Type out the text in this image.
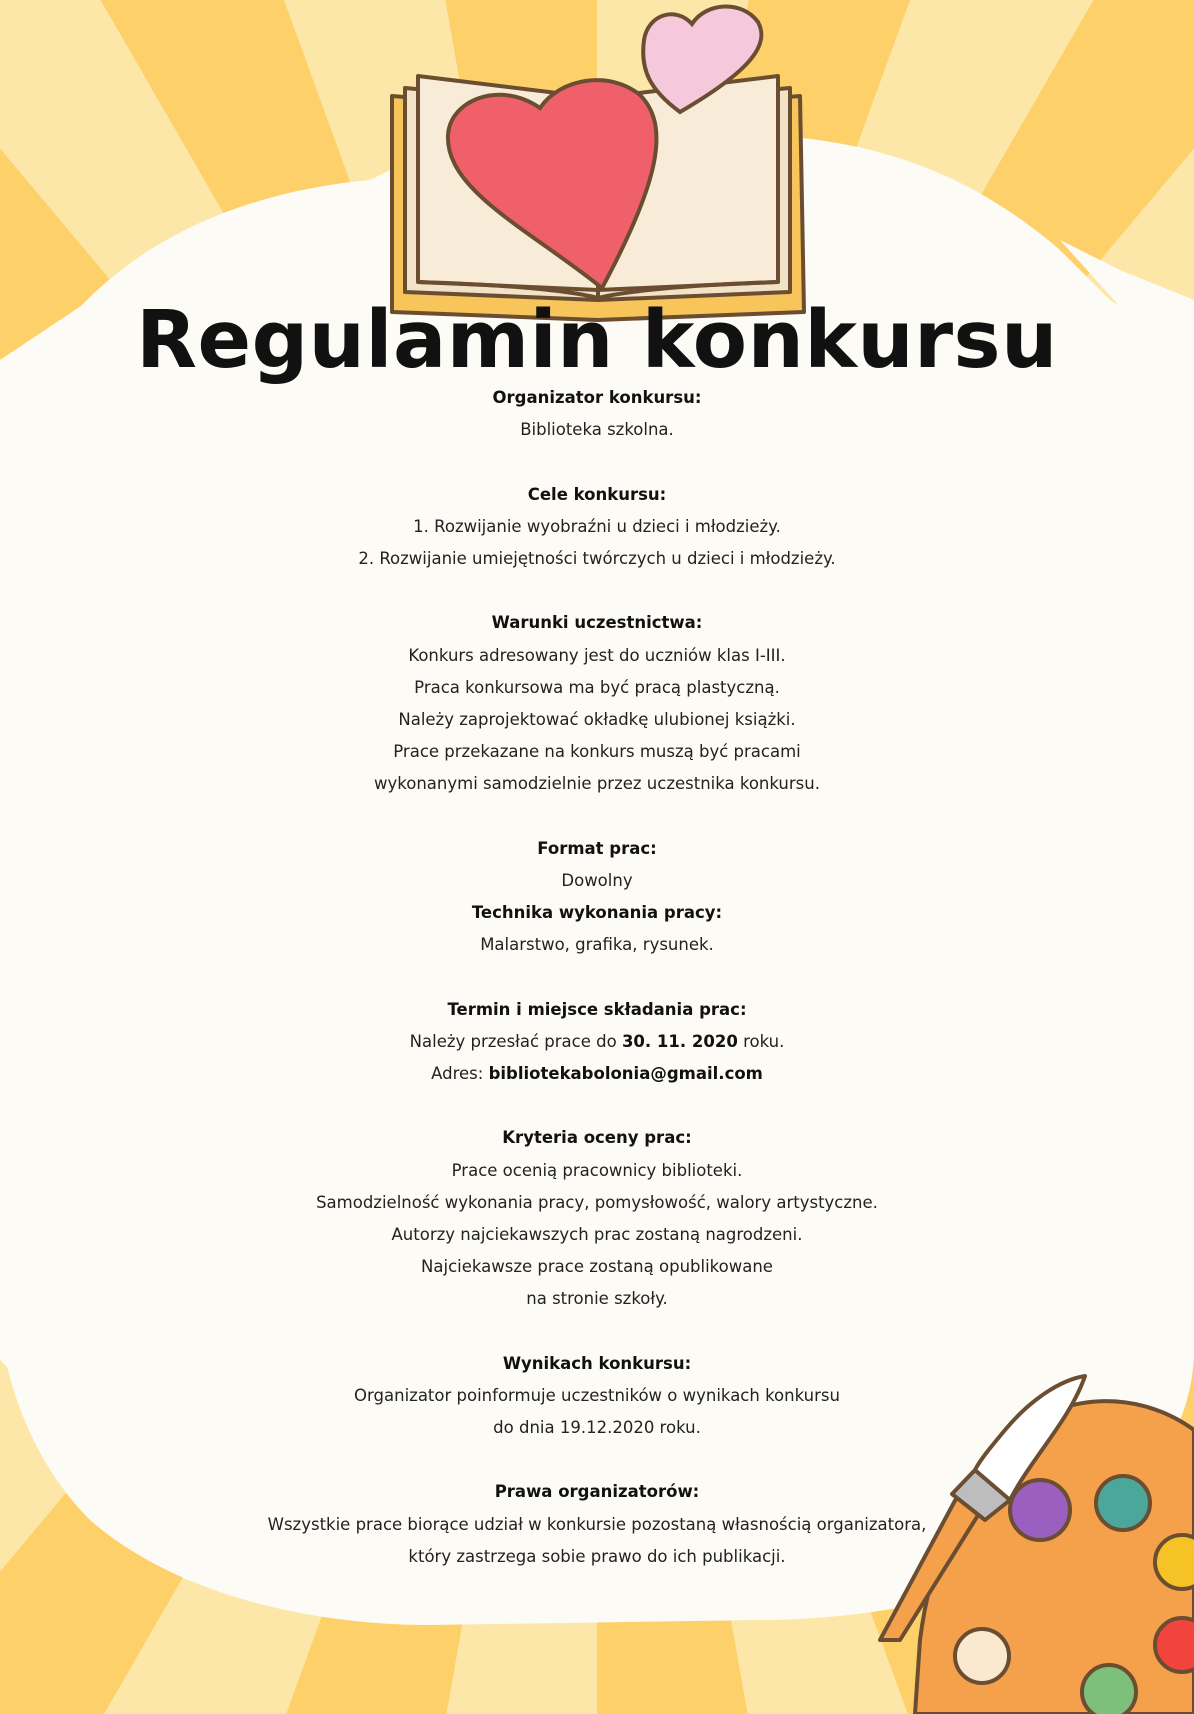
Regulamin konkursu
Organizator konkursu:
Biblioteka szkolna.
Cele konkursu:
1. Rozwijanie wyobraźni u dzieci i młodzieży.
2. Rozwijanie umiejętności twórczych u dzieci i młodzieży.
Warunki uczestnictwa:
Konkurs adresowany jest do uczniów klas I-III.
Praca konkursowa ma być pracą plastyczną.
Należy zaprojektować okładkę ulubionej książki.
Prace przekazane na konkurs muszą być pracami
wykonanymi samodzielnie przez uczestnika konkursu.
Format prac:
Dowolny
Technika wykonania pracy:
Malarstwo, grafika, rysunek.
Termin i miejsce składania prac:
Należy przesłać prace do 30. 11. 2020 roku.
Adres: bibliotekabolonia@gmail.com
Kryteria oceny prac:
Prace ocenią pracownicy biblioteki.
Samodzielność wykonania pracy, pomysłowość, walory artystyczne.
Autorzy najciekawszych prac zostaną nagrodzeni.
Najciekawsze prace zostaną opublikowane
na stronie szkoły.
Wynikach konkursu:
Organizator poinformuje uczestników o wynikach konkursu
do dnia 19.12.2020 roku.
Prawa organizatorów:
Wszystkie prace biorące udział w konkursie pozostaną własnością organizatora,
który zastrzega sobie prawo do ich publikacji.
